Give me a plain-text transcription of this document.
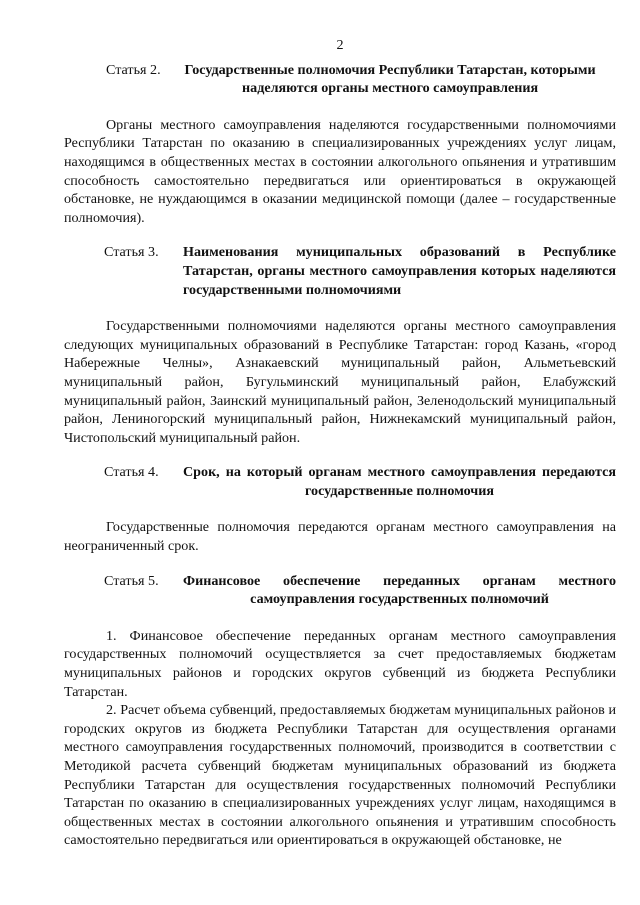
2
Статья 2.
	Государственные полномочия Республики Татарстан, которыми наделяются органы местного самоуправления

Органы местного самоуправления наделяются государственными полномочиями Республики Татарстан по оказанию в специализированных учреждениях услуг лицам, находящимся в общественных местах в состоянии алкогольного опьянения и утратившим способность самостоятельно передвигаться или ориентироваться в окружающей обстановке, не нуждающимся в оказании медицинской помощи (далее – государственные полномочия).

Статья 3.	Наименования муниципальных образований в Республике Татарстан, органы местного самоуправления которых наделяются государственными полномочиями

Государственными полномочиями наделяются органы местного самоуправления следующих муниципальных образований в Республике Татарстан: город Казань, «город Набережные Челны», Азнакаевский муниципальный район, Альметьевский муниципальный район, Бугульминский муниципальный район, Елабужский муниципальный район, Заинский муниципальный район, Зеленодольский муниципальный район, Лениногорский муниципальный район, Нижнекамский муниципальный район, Чистопольский муниципальный район.

Статья 4.	Срок, на который органам местного самоуправления передаются государственные полномочия

Государственные полномочия передаются органам местного самоуправления на неограниченный срок.

Статья 5.	Финансовое обеспечение переданных органам местного самоуправления государственных полномочий

1. Финансовое обеспечение переданных органам местного самоуправления государственных полномочий осуществляется за счет предоставляемых бюджетам муниципальных районов и городских округов субвенций из бюджета Республики Татарстан.

2. Расчет объема субвенций, предоставляемых бюджетам муниципальных районов и городских округов из бюджета Республики Татарстан для осуществления органами местного самоуправления государственных полномочий, производится в соответствии с Методикой расчета субвенций бюджетам муниципальных образований из бюджета Республики Татарстан для осуществления государственных полномочий Республики Татарстан по оказанию в специализированных учреждениях услуг лицам, находящимся в общественных местах в состоянии алкогольного опьянения и утратившим способность самостоятельно передвигаться или ориентироваться в окружающей обстановке, не
